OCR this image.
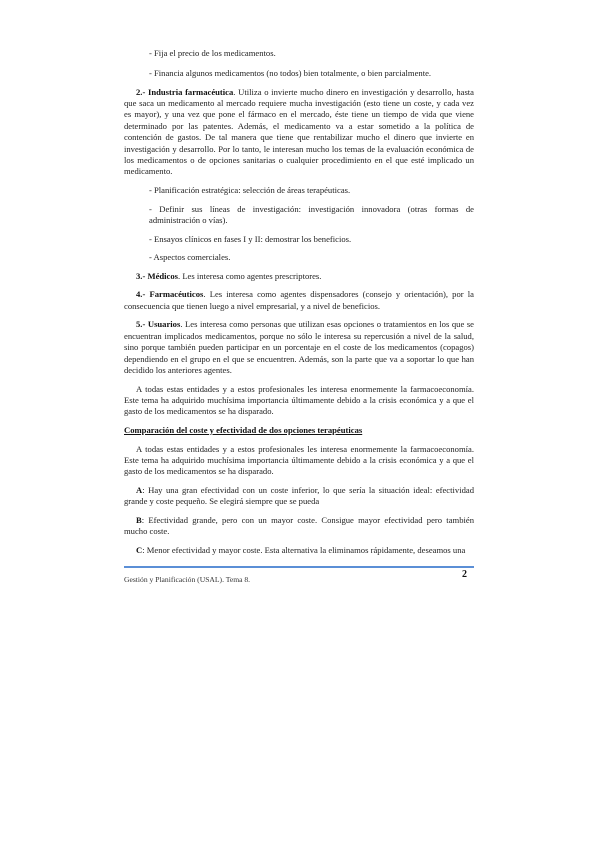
- Fija el precio de los medicamentos.

- Financia algunos medicamentos (no todos) bien totalmente, o bien parcialmente.

2.- Industria farmacéutica. Utiliza o invierte mucho dinero en investigación y desarrollo, hasta que saca un medicamento al mercado requiere mucha investigación (esto tiene un coste, y cada vez es mayor), y una vez que pone el fármaco en el mercado, éste tiene un tiempo de vida que viene determinado por las patentes. Además, el medicamento va a estar sometido a la política de contención de gastos. De tal manera que tiene que rentabilizar mucho el dinero que invierte en investigación y desarrollo. Por lo tanto, le interesan mucho los temas de la evaluación económica de los medicamentos o de opciones sanitarias o cualquier procedimiento en el que esté implicado un medicamento.

- Planificación estratégica: selección de áreas terapéuticas.

- Definir sus líneas de investigación: investigación innovadora (otras formas de administración o vías).

- Ensayos clínicos en fases I y II: demostrar los beneficios.

- Aspectos comerciales.

3.- Médicos. Les interesa como agentes prescriptores.

4.- Farmacéuticos. Les interesa como agentes dispensadores (consejo y orientación), por la consecuencia que tienen luego a nivel empresarial, y a nivel de beneficios.

5.- Usuarios. Les interesa como personas que utilizan esas opciones o tratamientos en los que se encuentran implicados medicamentos, porque no sólo le interesa su repercusión a nivel de la salud, sino porque también pueden participar en un porcentaje en el coste de los medicamentos (copagos) dependiendo en el grupo en el que se encuentren. Además, son la parte que va a soportar lo que han decidido los anteriores agentes.

A todas estas entidades y a estos profesionales les interesa enormemente la farmacoeconomía. Este tema ha adquirido muchísima importancia últimamente debido a la crisis económica y a que el gasto de los medicamentos se ha disparado.

Comparación del coste y efectividad de dos opciones terapéuticas

A todas estas entidades y a estos profesionales les interesa enormemente la farmacoeconomía. Este tema ha adquirido muchísima importancia últimamente debido a la crisis económica y a que el gasto de los medicamentos se ha disparado.

A: Hay una gran efectividad con un coste inferior, lo que sería la situación ideal: efectividad grande y coste pequeño. Se elegirá siempre que se pueda

B: Efectividad grande, pero con un mayor coste. Consigue mayor efectividad pero también mucho coste.

C: Menor efectividad y mayor coste. Esta alternativa la eliminamos rápidamente, deseamos una

Gestión y Planificación (USAL). Tema 8.	2
